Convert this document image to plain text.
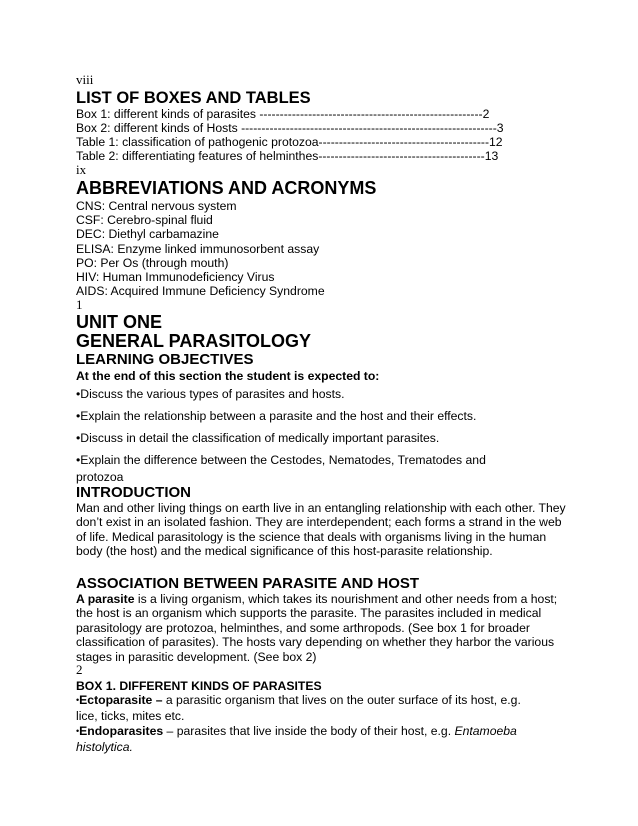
viii
LIST OF BOXES AND TABLES
Box 1: different kinds of parasites -------------------------------------------------------2
Box 2: different kinds of Hosts ---------------------------------------------------------------3
Table 1: classification of pathogenic protozoa------------------------------------------12
Table 2: differentiating features of helminthes-----------------------------------------13
ix
ABBREVIATIONS AND ACRONYMS
CNS: Central nervous system
CSF: Cerebro-spinal fluid
DEC: Diethyl carbamazine
ELISA: Enzyme linked immunosorbent assay
PO: Per Os (through mouth)
HIV: Human Immunodeficiency Virus
AIDS: Acquired Immune Deficiency Syndrome
1
UNIT ONE
GENERAL PARASITOLOGY
LEARNING OBJECTIVES
At the end of this section the student is expected to:
•Discuss the various types of parasites and hosts.
•Explain the relationship between a parasite and the host and their effects.
•Discuss in detail the classification of medically important parasites.
•Explain the difference between the Cestodes, Nematodes, Trematodes and
protozoa
INTRODUCTION

Man and other living things on earth live in an entangling relationship with each other. They don’t exist in an isolated fashion. They are interdependent; each forms a strand in the web of life. Medical parasitology is the science that deals with organisms living in the human body (the host) and the medical significance of this host-parasite relationship.

ASSOCIATION BETWEEN PARASITE AND HOST

A parasite is a living organism, which takes its nourishment and other needs from a host; the host is an organism which supports the parasite. The parasites included in medical parasitology are protozoa, helminthes, and some arthropods. (See box 1 for broader classification of parasites). The hosts vary depending on whether they harbor the various stages in parasitic development. (See box 2)

2
BOX 1. DIFFERENT KINDS OF PARASITES
•Ectoparasite – a parasitic organism that lives on the outer surface of its host, e.g.
lice, ticks, mites etc.
•Endoparasites – parasites that live inside the body of their host, e.g. Entamoeba
histolytica.
